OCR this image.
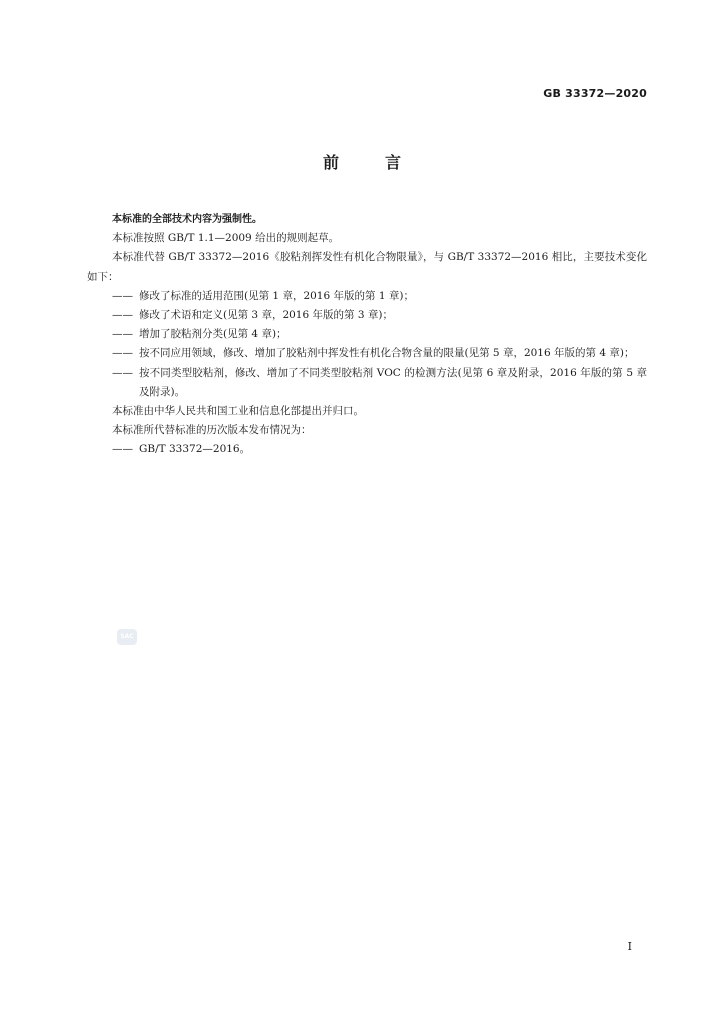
GB 33372—2020
前	言

本标准的全部技术内容为强制性。

本标准按照 GB/T 1.1—2009 给出的规则起草。

本标准代替 GB/T 33372—2016《胶粘剂挥发性有机化合物限量》，与 GB/T 33372—2016 相比，主要技术变化如下：

—— 修改了标准的适用范围(见第 1 章，2016 年版的第 1 章)；

—— 修改了术语和定义(见第 3 章，2016 年版的第 3 章)；

—— 增加了胶粘剂分类(见第 4 章)；

—— 按不同应用领域，修改、增加了胶粘剂中挥发性有机化合物含量的限量(见第 5 章，2016 年版的第 4 章)；

—— 按不同类型胶粘剂，修改、增加了不同类型胶粘剂 VOC 的检测方法(见第 6 章及附录，2016 年版的第 5 章及附录)。

本标准由中华人民共和国工业和信息化部提出并归口。

本标准所代替标准的历次版本发布情况为：

—— GB/T 33372—2016。

SAC
I
